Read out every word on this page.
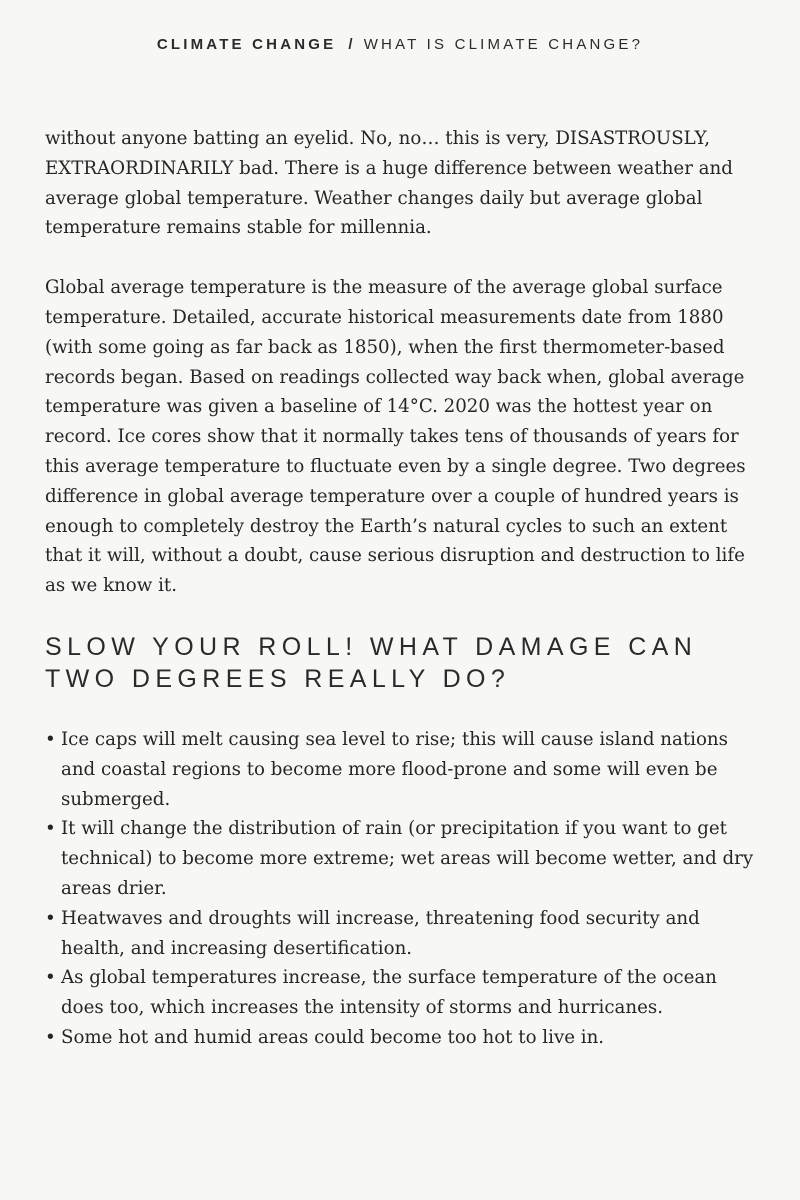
CLIMATE CHANGE / WHAT IS CLIMATE CHANGE?

without anyone batting an eyelid. No, no… this is very, DISASTROUSLY, EXTRAORDINARILY bad. There is a huge difference between weather and average global temperature. Weather changes daily but average global temperature remains stable for millennia.

Global average temperature is the measure of the average global surface temperature. Detailed, accurate historical measurements date from 1880 (with some going as far back as 1850), when the first thermometer-based records began. Based on readings collected way back when, global average temperature was given a baseline of 14°C. 2020 was the hottest year on record. Ice cores show that it normally takes tens of thousands of years for this average temperature to fluctuate even by a single degree. Two degrees difference in global average temperature over a couple of hundred years is enough to completely destroy the Earth’s natural cycles to such an extent that it will, without a doubt, cause serious disruption and destruction to life as we know it.

SLOW YOUR ROLL! WHAT DAMAGE CAN
TWO DEGREES REALLY DO?
• Ice caps will melt causing sea level to rise; this will cause island nations and coastal regions to become more flood-prone and some will even be submerged.
• It will change the distribution of rain (or precipitation if you want to get technical) to become more extreme; wet areas will become wetter, and dry areas drier.
• Heatwaves and droughts will increase, threatening food security and health, and increasing desertification.
• As global temperatures increase, the surface temperature of the ocean does too, which increases the intensity of storms and hurricanes.
• Some hot and humid areas could become too hot to live in.
